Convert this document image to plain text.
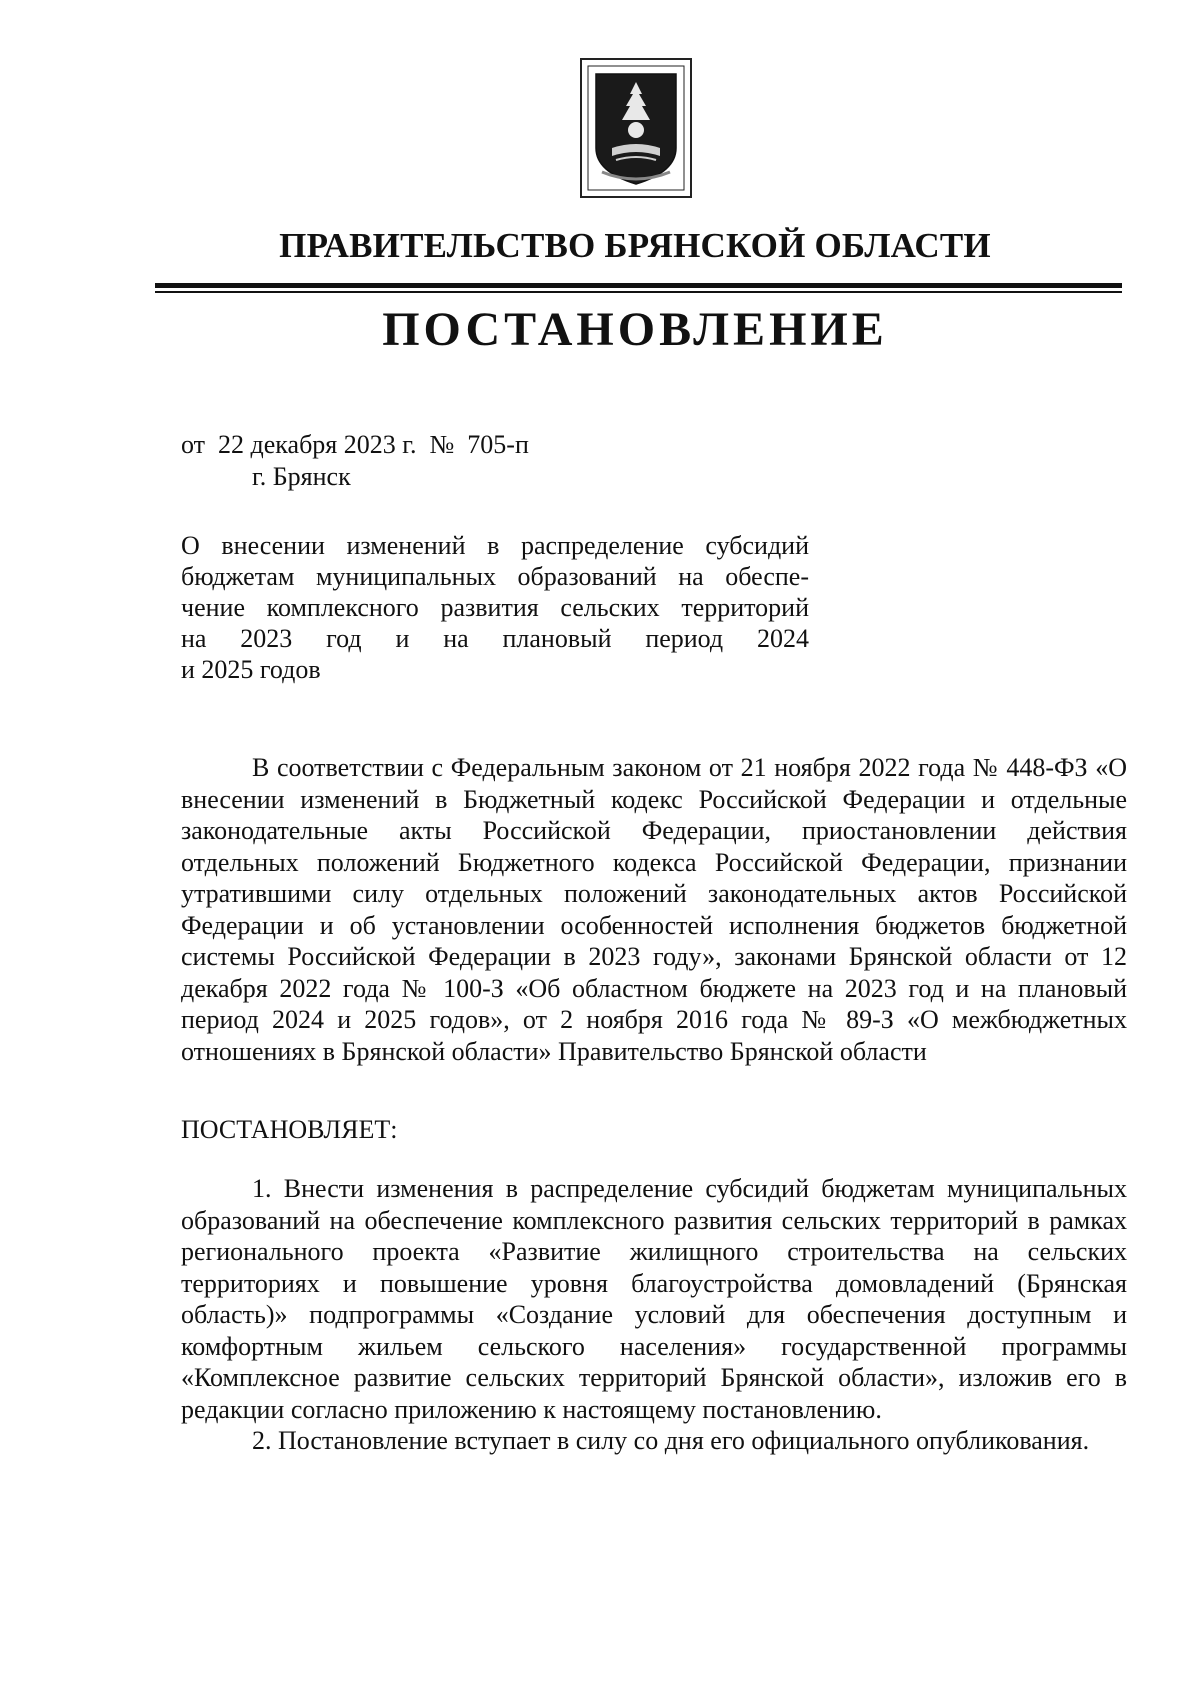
ПРАВИТЕЛЬСТВО БРЯНСКОЙ ОБЛАСТИ
ПОСТАНОВЛЕНИЕ
от  22 декабря 2023 г.  №  705-п
г. Брянск

О внесении изменений в распределение субсидий

бюджетам муниципальных образований на обеспе-

чение комплексного развития сельских территорий

на 2023 год и на плановый период 2024

и 2025 годов

В соответствии с Федеральным законом от 21 ноября 2022 года № 448-ФЗ «О внесении изменений в Бюджетный кодекс Российской Федерации и отдельные законодательные акты Российской Федерации, приостановлении действия отдельных положений Бюджетного кодекса Российской Федерации, признании утратившими силу отдельных положений законодательных актов Российской Федерации и об установлении особенностей исполнения бюджетов бюджетной системы Российской Федерации в 2023 году», законами Брянской области от 12 декабря 2022 года № 100-З «Об областном бюджете на 2023 год и на плановый период 2024 и 2025 годов», от 2 ноября 2016 года № 89-З «О межбюджетных отношениях в Брянской области» Правительство Брянской области

ПОСТАНОВЛЯЕТ:

1. Внести изменения в распределение субсидий бюджетам муниципальных образований на обеспечение комплексного развития сельских территорий в рамках регионального проекта «Развитие жилищного строительства на сельских территориях и повышение уровня благоустройства домовладений (Брянская область)» подпрограммы «Создание условий для обеспечения доступным и комфортным жильем сельского населения» государственной программы «Комплексное развитие сельских территорий Брянской области», изложив его в редакции согласно приложению к настоящему постановлению.

2. Постановление вступает в силу со дня его официального опубликования.
